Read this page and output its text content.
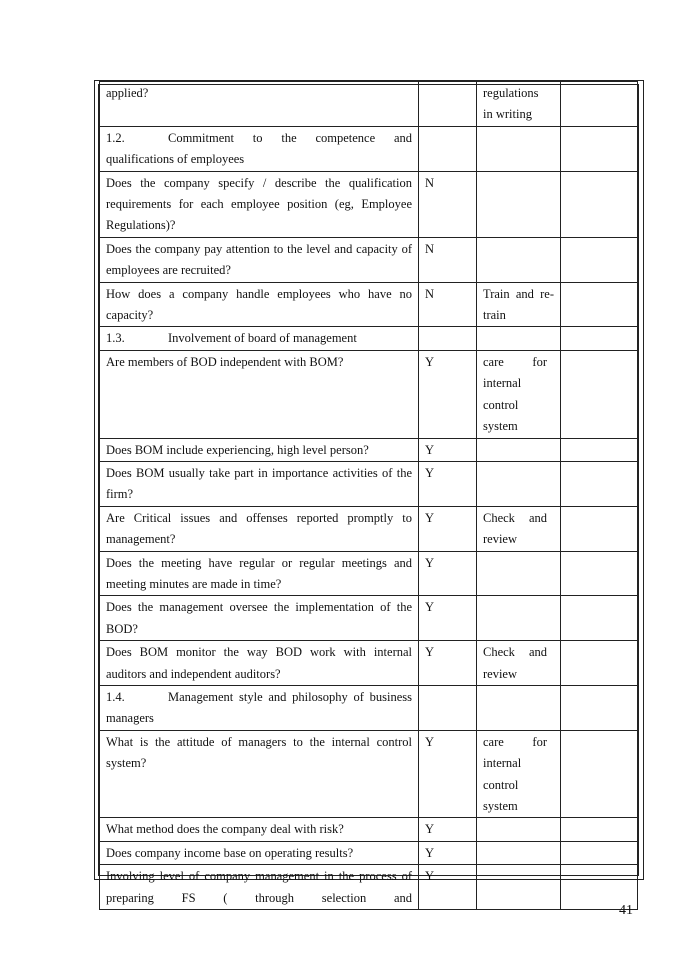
applied?		regulations in writing	

1.2. Commitment to the competence and qualifications of employees			
Does the company specify / describe the qualification requirements for each employee position (eg, Employee Regulations)?	N		
Does the company pay attention to the level and capacity of employees are recruited?	N		
How does a company handle employees who have no capacity?	N	Train and re-train	

1.3. Involvement of board of management			
Are members of BOD independent with BOM?	Y	care for internal control system	

Does BOM include experiencing, high level person?	Y		
Does BOM usually take part in importance activities of the firm?	Y		
Are Critical issues and offenses reported promptly to management?	Y	Check and review	

Does the meeting have regular or regular meetings and meeting minutes are made in time?	Y		
Does the management oversee the implementation of the BOD?	Y		
Does BOM monitor the way BOD work with internal auditors and independent auditors?	Y	Check and review	

1.4. Management style and philosophy of business managers			
What is the attitude of managers to the internal control system?	Y	care for internal control system	

What method does the company deal with risk?	Y		
Does company income base on operating results?	Y		

Involving level of company management in the process of preparing FS ( through selection and	Y		
41
